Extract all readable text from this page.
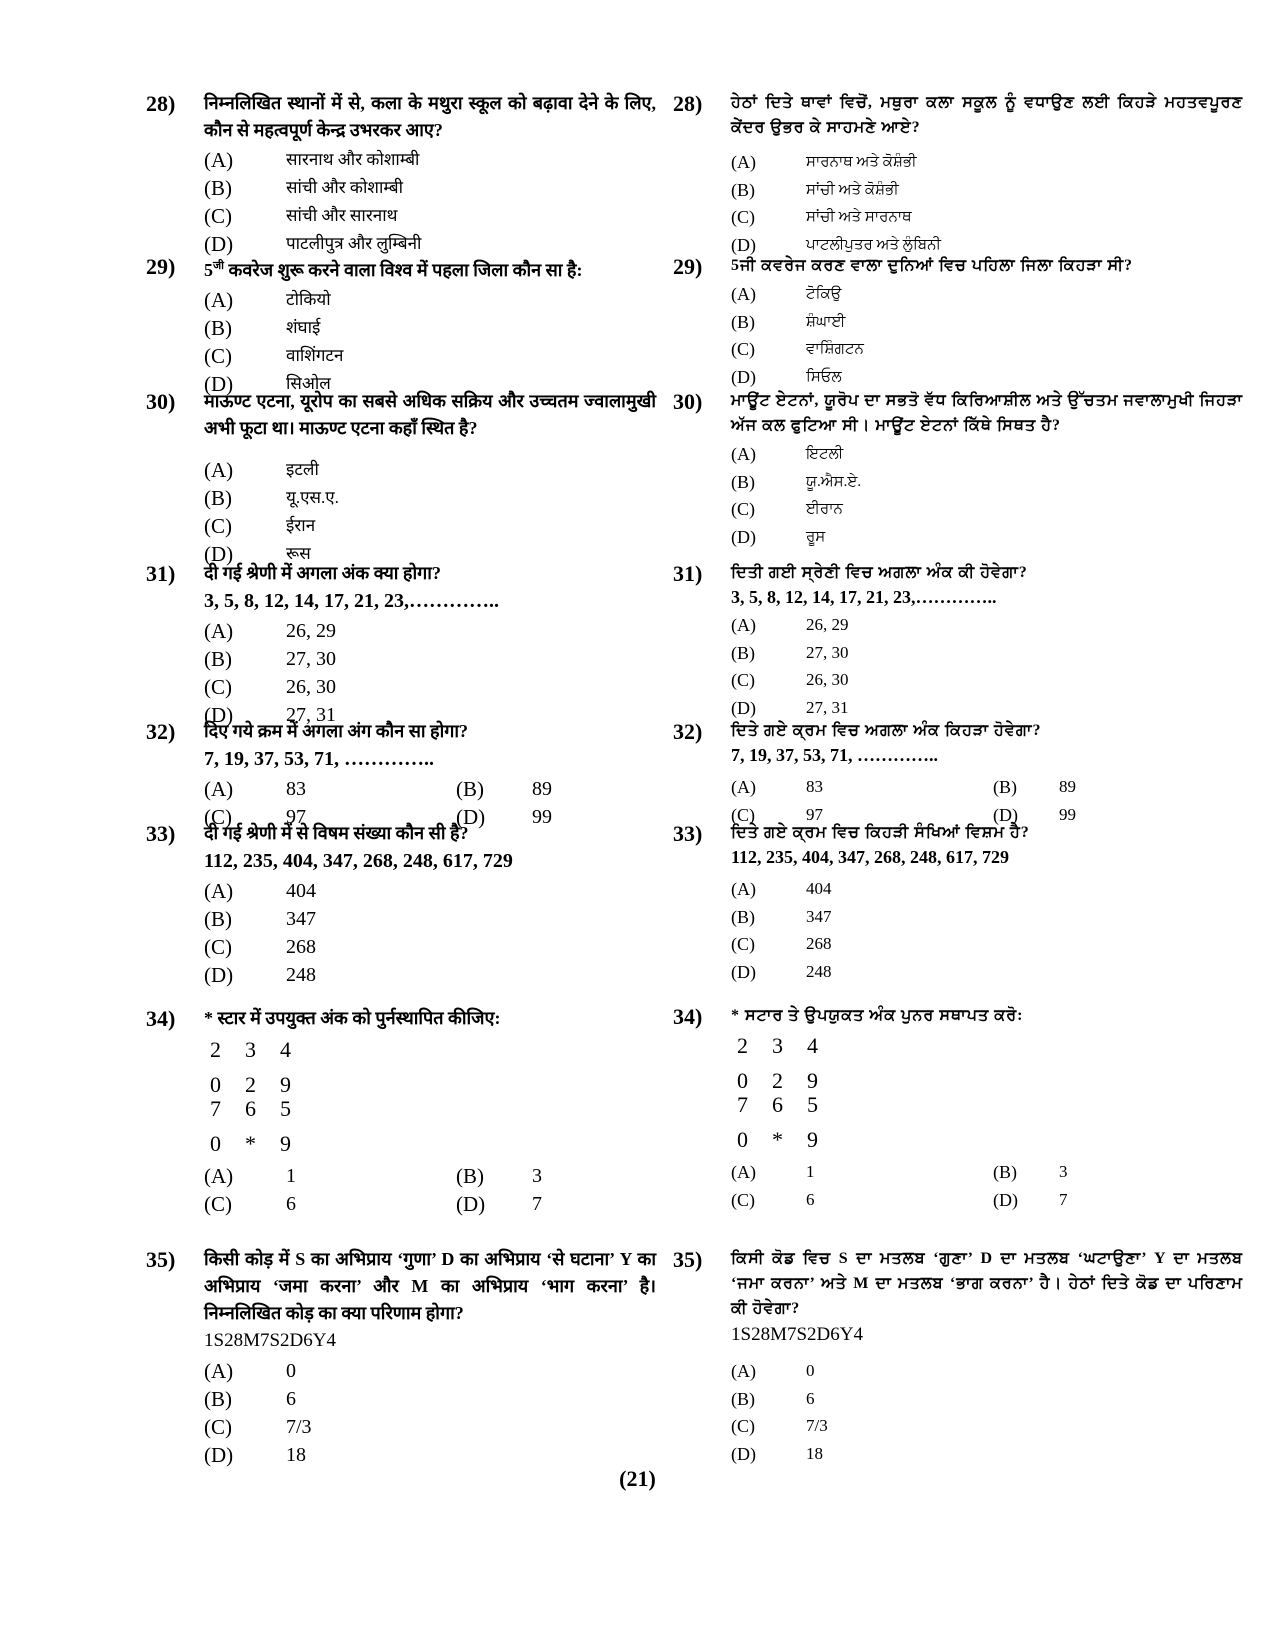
28) निम्नलिखित स्थानों में से, कला के मथुरा स्कूल को बढ़ावा देने के लिए, कौन से महत्वपूर्ण केन्द्र उभरकर आए?
(A)	सारनाथ और कोशाम्बी
(B)	सांची और कोशाम्बी
(C)	सांची और सारनाथ
(D)	पाटलीपुत्र और लुम्बिनी
29) $5^{जी}$ कवरेज शुरू करने वाला विश्व में पहला जिला कौन सा है:
(A)	टोकियो
(B)	शंघाई
(C)	वाशिंगटन
(D)	सिओल
30) माऊण्ट एटना, यूरोप का सबसे अधिक सक्रिय और उच्चतम ज्वालामुखी अभी फूटा था। माऊण्ट एटना कहाँ स्थित है?
(A)	इटली
(B)	यू.एस.ए.
(C)	ईरान
(D)	रूस
31) दी गई श्रेणी में अगला अंक क्या होगा?
3, 5, 8, 12, 14, 17, 21, 23,…………..
(A)	26, 29
(B)	27, 30
(C)	26, 30
(D)	27, 31
32) दिए गये क्रम में अगला अंग कौन सा होगा?
7, 19, 37, 53, 71, …………..
(A)	83	(B) 89
(C)	97	(D) 99
33) दी गई श्रेणी में से विषम संख्या कौन सी है?
112, 235, 404, 347, 268, 248, 617, 729
(A)	404
(B)	347
(C)	268
(D)	248
34) * स्टार में उपयुक्त अंक को पुर्नस्थापित कीजिए:
2	3	4
0	2	9
7	6	5
0	*	9
(A)	1	(B) 3
(C)	6	(D) 7
35) किसी कोड़ में S का अभिप्राय ‘गुणा’ D का अभिप्राय ‘से घटाना’ Y का अभिप्राय ‘जमा करना’ और M का अभिप्राय ‘भाग करना’ है। निम्नलिखित कोड़ का क्या परिणाम होगा?
1S28M7S2D6Y4
(A)	0
(B)	6
(C)	7/3
(D)	18
28) ਹੇਠਾਂ ਦਿਤੇ ਥਾਵਾਂ ਵਿਚੋਂ, ਮਥੁਰਾ ਕਲਾ ਸਕੂਲ ਨੂੰ ਵਧਾਉਣ ਲਈ ਕਿਹੜੇ ਮਹਤਵਪੂਰਣ ਕੇਂਦਰ ਉਭਰ ਕੇ ਸਾਹਮਣੇ ਆਏ?
(A)	ਸਾਰਨਾਥ ਅਤੇ ਕੋਸ਼ੰਭੀ
(B)	ਸਾਂਚੀ ਅਤੇ ਕੋਸ਼ੰਭੀ
(C)	ਸਾਂਚੀ ਅਤੇ ਸਾਰਨਾਥ
(D)	ਪਾਟਲੀਪੁਤਰ ਅਤੇ ਲੁੰਬਿਨੀ
29) 5ਜੀ ਕਵਰੇਜ ਕਰਣ ਵਾਲਾ ਦੁਨਿਆਂ ਵਿਚ ਪਹਿਲਾ ਜਿਲਾ ਕਿਹੜਾ ਸੀ?
(A)	ਟੋਕਿਉ
(B)	ਸ਼ੰਘਾਈ
(C)	ਵਾਸ਼ਿੰਗਟਨ
(D)	ਸਿਓਲ
30) ਮਾਊਂਟ ਏਟਨਾਂ, ਯੂਰੋਪ ਦਾ ਸਭਤੋ ਵੱਧ ਕਿਰਿਆਸ਼ੀਲ ਅਤੇ ਉੱਚਤਮ ਜਵਾਲਾਮੁਖੀ ਜਿਹੜਾ ਅੱਜ ਕਲ ਫੁਟਿਆ ਸੀ। ਮਾਊਂਟ ਏਟਨਾਂ ਕਿੱਥੇ ਸਿਥਤ ਹੈ?
(A)	ਇਟਲੀ
(B)	ਯੂ.ਐਸ.ਏ.
(C)	ਈਰਾਨ
(D)	ਰੂਸ
31) ਦਿਤੀ ਗਈ ਸ੍ਰੇਣੀ ਵਿਚ ਅਗਲਾ ਅੰਕ ਕੀ ਹੋਵੇਗਾ?
3, 5, 8, 12, 14, 17, 21, 23,…………..
(A)	26, 29
(B)	27, 30
(C)	26, 30
(D)	27, 31
32) ਦਿਤੇ ਗਏ ਕ੍ਰਮ ਵਿਚ ਅਗਲਾ ਅੰਕ ਕਿਹੜਾ ਹੋਵੇਗਾ?
7, 19, 37, 53, 71, …………..
(A)	83	(B) 89
(C)	97	(D) 99
33) ਦਿਤੇ ਗਏ ਕ੍ਰਮ ਵਿਚ ਕਿਹੜੀ ਸੰਖਿਆਂ ਵਿਸ਼ਮ ਹੈ?
112, 235, 404, 347, 268, 248, 617, 729
(A)	404
(B)	347
(C)	268
(D)	248
34) * ਸਟਾਰ ਤੇ ਉਪਯੁਕਤ ਅੰਕ ਪੁਨਰ ਸਥਾਪਤ ਕਰੋ:
2	3	4
0	2	9
7	6	5
0	*	9
(A)	1	(B) 3
(C)	6	(D) 7
35) ਕਿਸੀ ਕੋਡ ਵਿਚ S ਦਾ ਮਤਲਬ ‘ਗੁਣਾ’ D ਦਾ ਮਤਲਬ ‘ਘਟਾਉਣਾ’ Y ਦਾ ਮਤਲਬ ‘ਜਮਾ ਕਰਨਾ’ ਅਤੇ M ਦਾ ਮਤਲਬ ‘ਭਾਗ ਕਰਨਾ’ ਹੈ। ਹੇਠਾਂ ਦਿਤੇ ਕੋਡ ਦਾ ਪਰਿਣਾਮ ਕੀ ਹੋਵੇਗਾ?
1S28M7S2D6Y4
(A)	0
(B)	6
(C)	7/3
(D)	18
(21)
